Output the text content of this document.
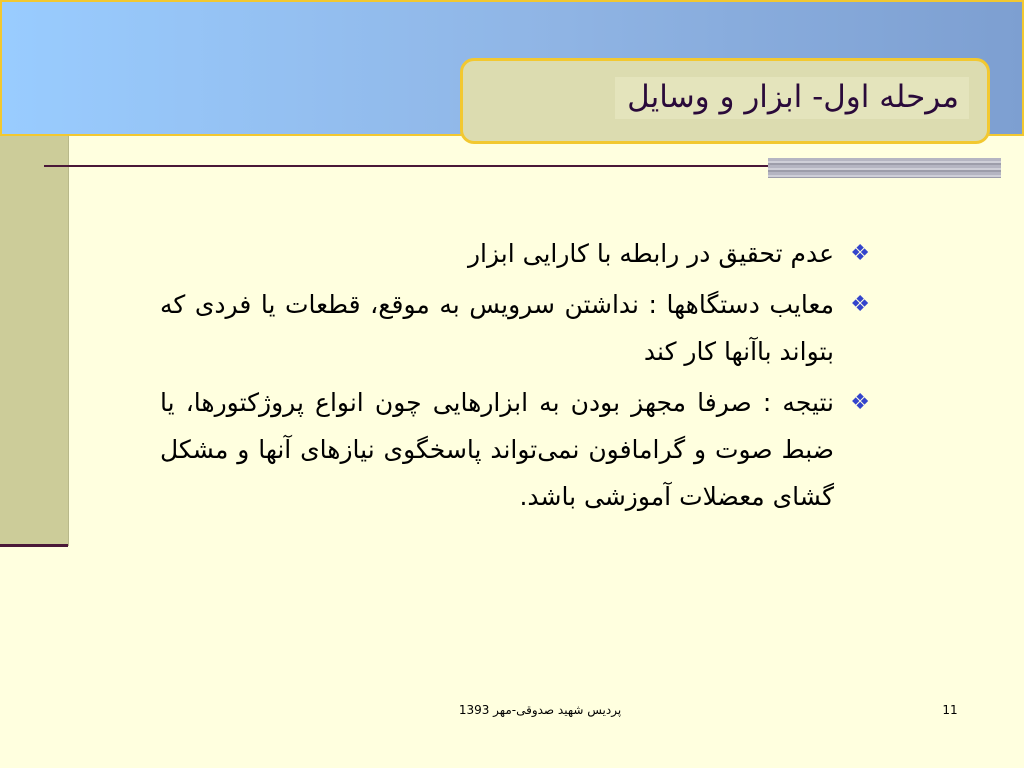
مرحله اول- ابزار و وسایل
❖
عدم تحقیق در رابطه با کارایی ابزار
❖
معایب دستگاهها : نداشتن سرویس به موقع، قطعات یا فردی که بتواند باآنها کار کند
❖
نتیجه : صرفا مجهز بودن به ابزارهایی چون انواع پروژکتورها، یا ضبط صوت و گرامافون نمی‌تواند پاسخگوی نیازهای آنها و مشکل گشای معضلات آموزشی باشد.
پردیس شهید صدوقی-مهر 1393	11
